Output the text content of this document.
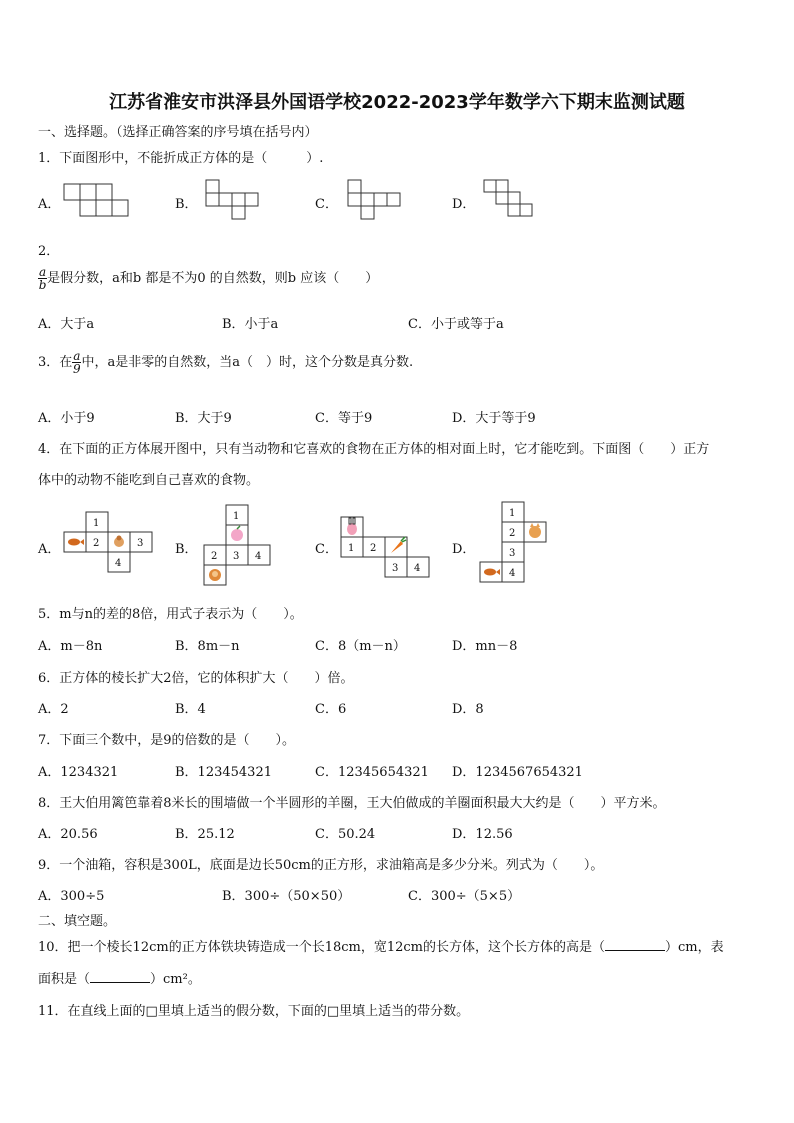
江苏省淮安市洪泽县外国语学校2022-2023学年数学六下期末监测试题
一、选择题。（选择正确答案的序号填在括号内）
1．下面图形中，不能折成正方体的是（　　　）.
A．	B．	C．	D．
2．
$\frac{a}{b}$ 是假分数，a和b 都是不为0 的自然数，则b 应该（　　）
A．大于a	B．小于a	C．小于或等于a
3．在 $\frac{a}{9}$ 中，a是非零的自然数，当a（　）时，这个分数是真分数.
A．小于9	B．大于9	C．等于9	D．大于等于9
4．在下面的正方体展开图中，只有当动物和它喜欢的食物在正方体的相对面上时，它才能吃到。下面图（　　）正方
体中的动物不能吃到自己喜欢的食物。
A．	B．	C．	D．
1
2	3
4
1
2 3 4
1 2
3 4
1
2
3
4
5．m与n的差的8倍，用式子表示为（　　）。
A．m－8n	B．8m－n	C．8（m－n）	D．mn－8
6．正方体的棱长扩大2倍，它的体积扩大（　　）倍。
A．2	B．4	C．6	D．8
7．下面三个数中，是9的倍数的是（　　）。
A．1234321	B．123454321	C．12345654321 D．1234567654321
8．王大伯用篱笆靠着8米长的围墙做一个半圆形的羊圈，王大伯做成的羊圈面积最大大约是（　　）平方米。
A．20.56	B．25.12	C．50.24	D．12.56
9．一个油箱，容积是300L，底面是边长50cm的正方形，求油箱高是多少分米。列式为（　　）。
A．300÷5	B．300÷（50×50）	C．300÷（5×5）
二、填空题。
10．把一个棱长12cm的正方体铁块铸造成一个长18cm，宽12cm的长方体，这个长方体的高是（	）cm，表
面积是（	）cm²。
11．在直线上面的□里填上适当的假分数，下面的□里填上适当的带分数。
